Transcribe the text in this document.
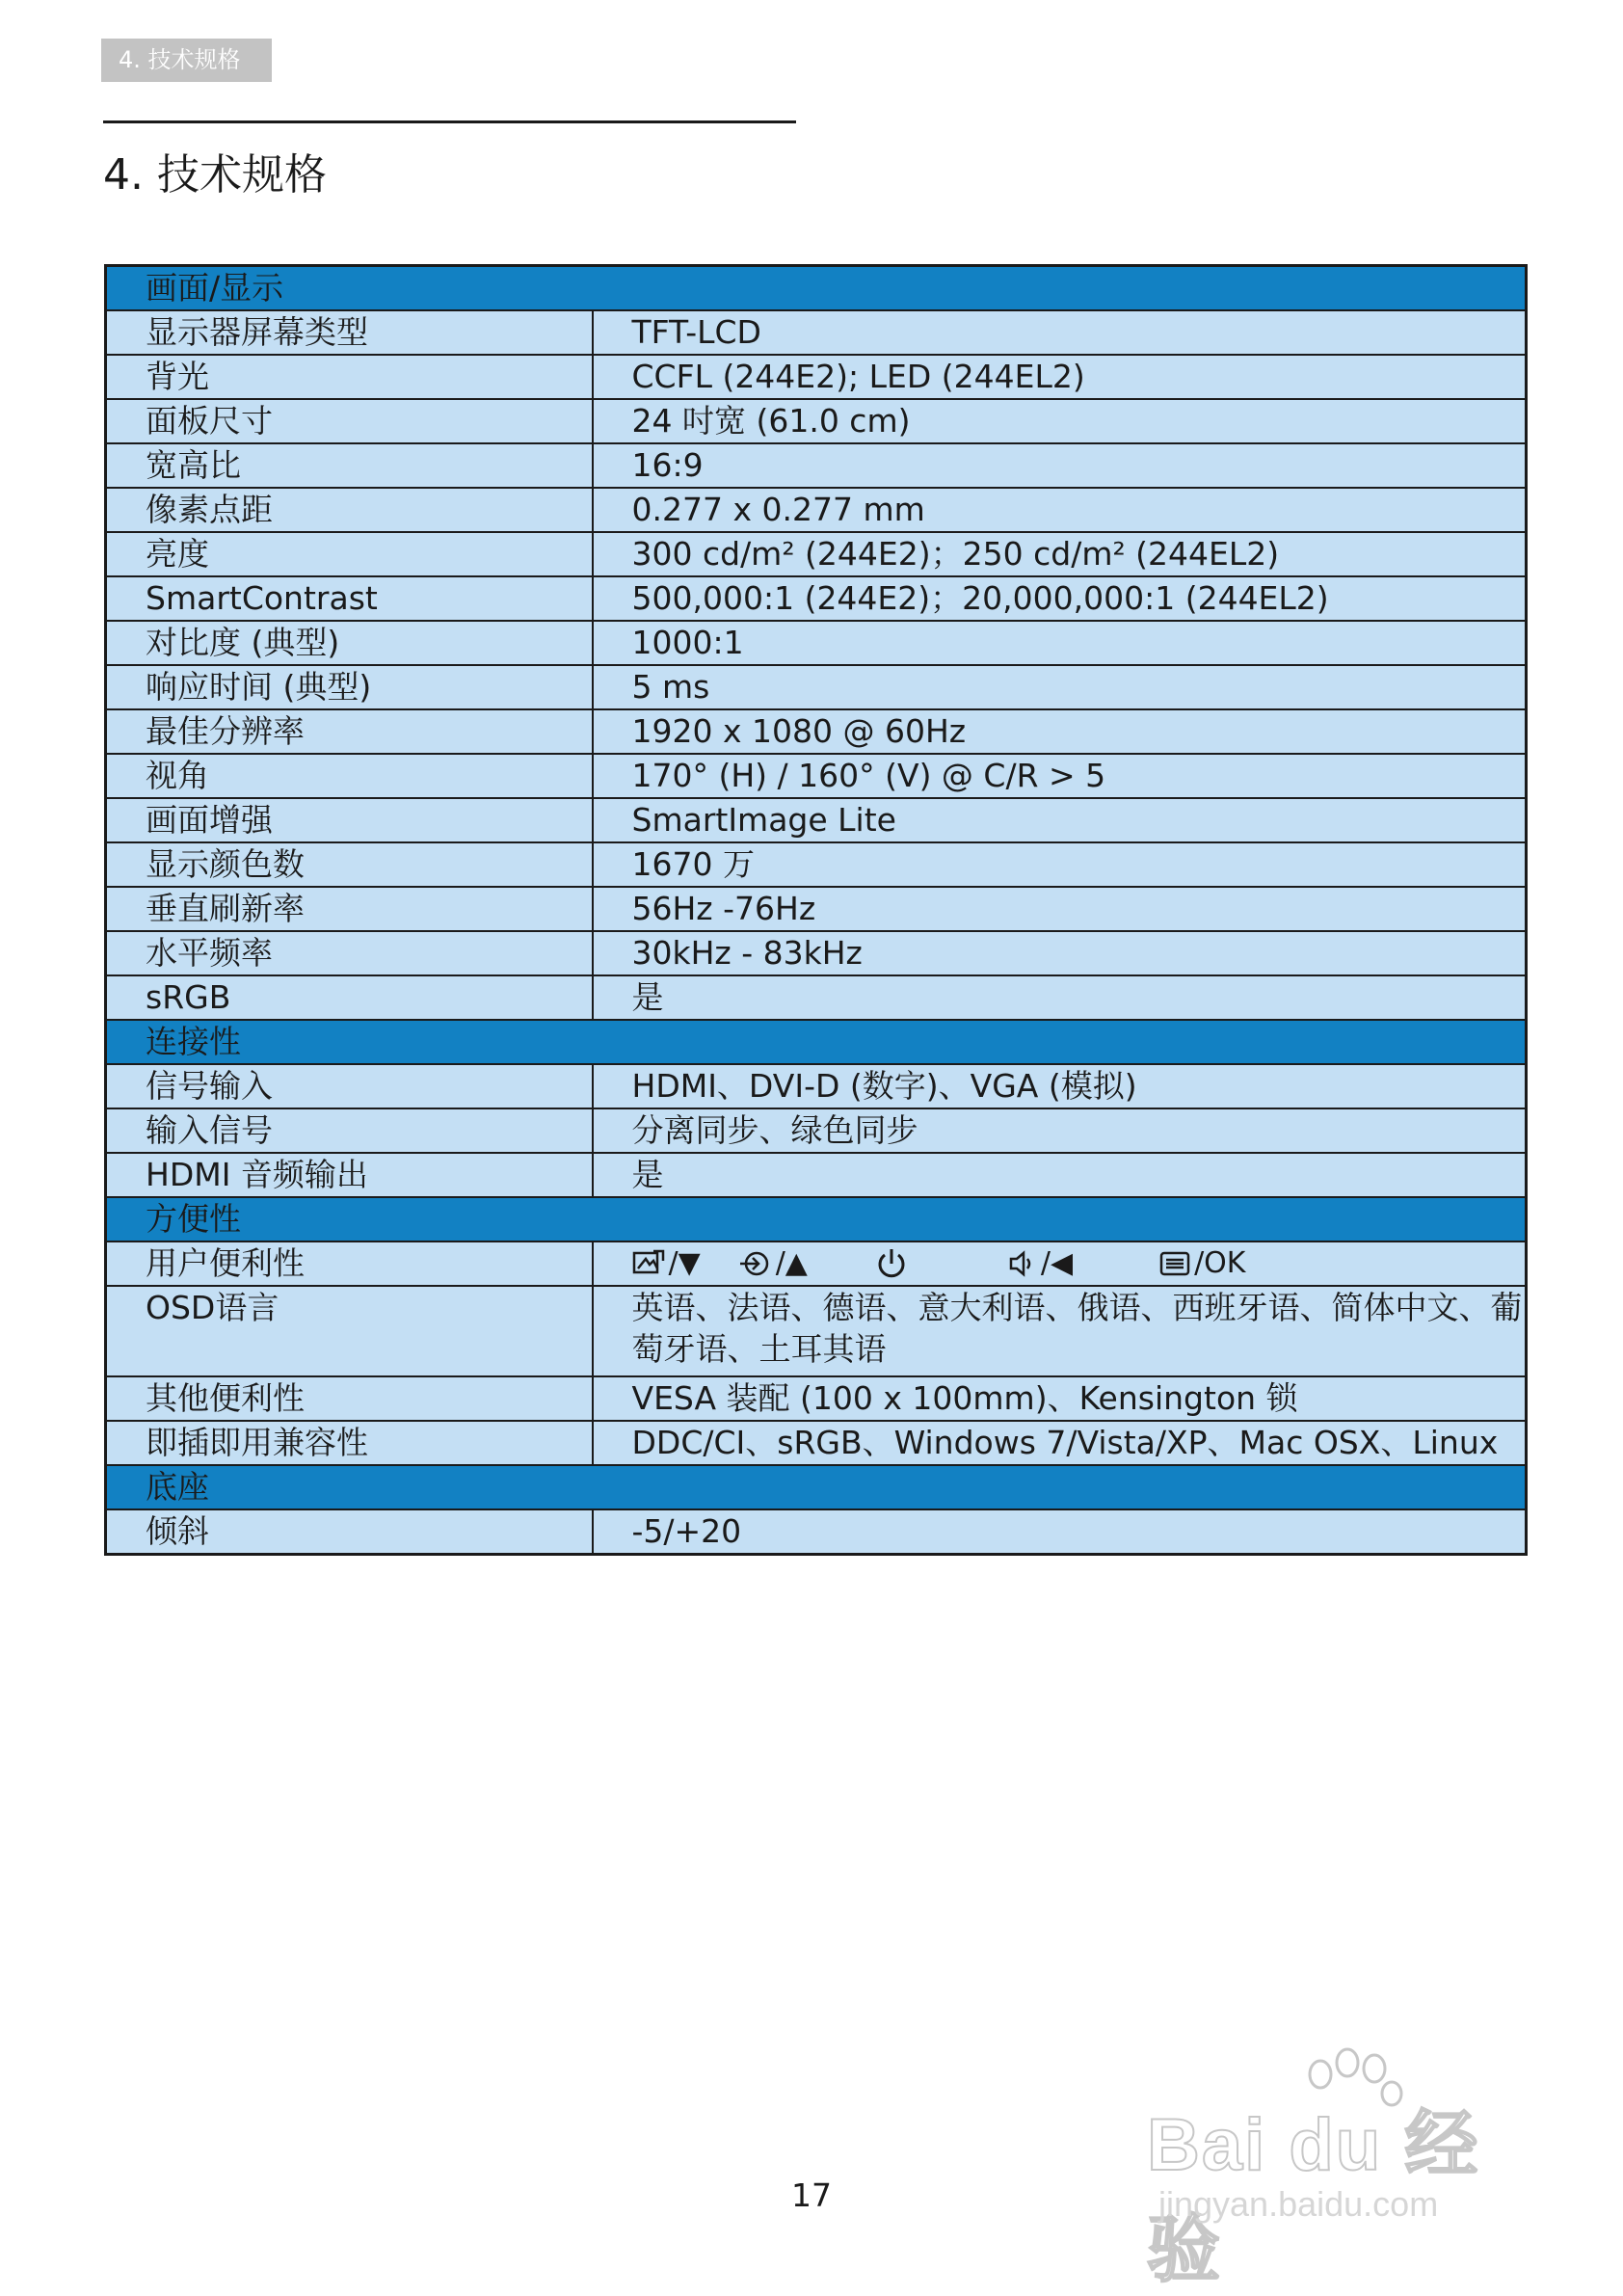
4. 技术规格
4. 技术规格
画面/显示	
显示器屏幕类型	TFT-LCD
背光	CCFL (244E2); LED (244EL2)
面板尺寸	24 吋宽 (61.0 cm)
宽高比	16:9
像素点距	0.277 x 0.277 mm
亮度	300 cd/m² (244E2)；250 cd/m² (244EL2)
SmartContrast	500,000:1 (244E2)；20,000,000:1 (244EL2)
对比度 (典型)	1000:1
响应时间 (典型)	5 ms
最佳分辨率	1920 x 1080 @ 60Hz
视角	170° (H) / 160° (V) @ C/R > 5
画面增强	SmartImage Lite
显示颜色数	1670 万
垂直刷新率	56Hz -76Hz
水平频率	30kHz - 83kHz
sRGB	是
连接性	
信号输入	HDMI、DVI-D (数字)、VGA (模拟)
输入信号	分离同步、绿色同步
HDMI 音频输出	是
方便性	
用户便利性	/▼ /▲ /◀ /OK

OSD语言	英语、法语、德语、意大利语、俄语、西班牙语、简体中文、葡萄牙语、土耳其语
其他便利性	VESA 装配 (100 x 100mm)、Kensington 锁
即插即用兼容性	DDC/CI、sRGB、Windows 7/Vista/XP、Mac OSX、Linux
底座	
倾斜	-5/+20

17

Bai du 经验
jingyan.baidu.com
